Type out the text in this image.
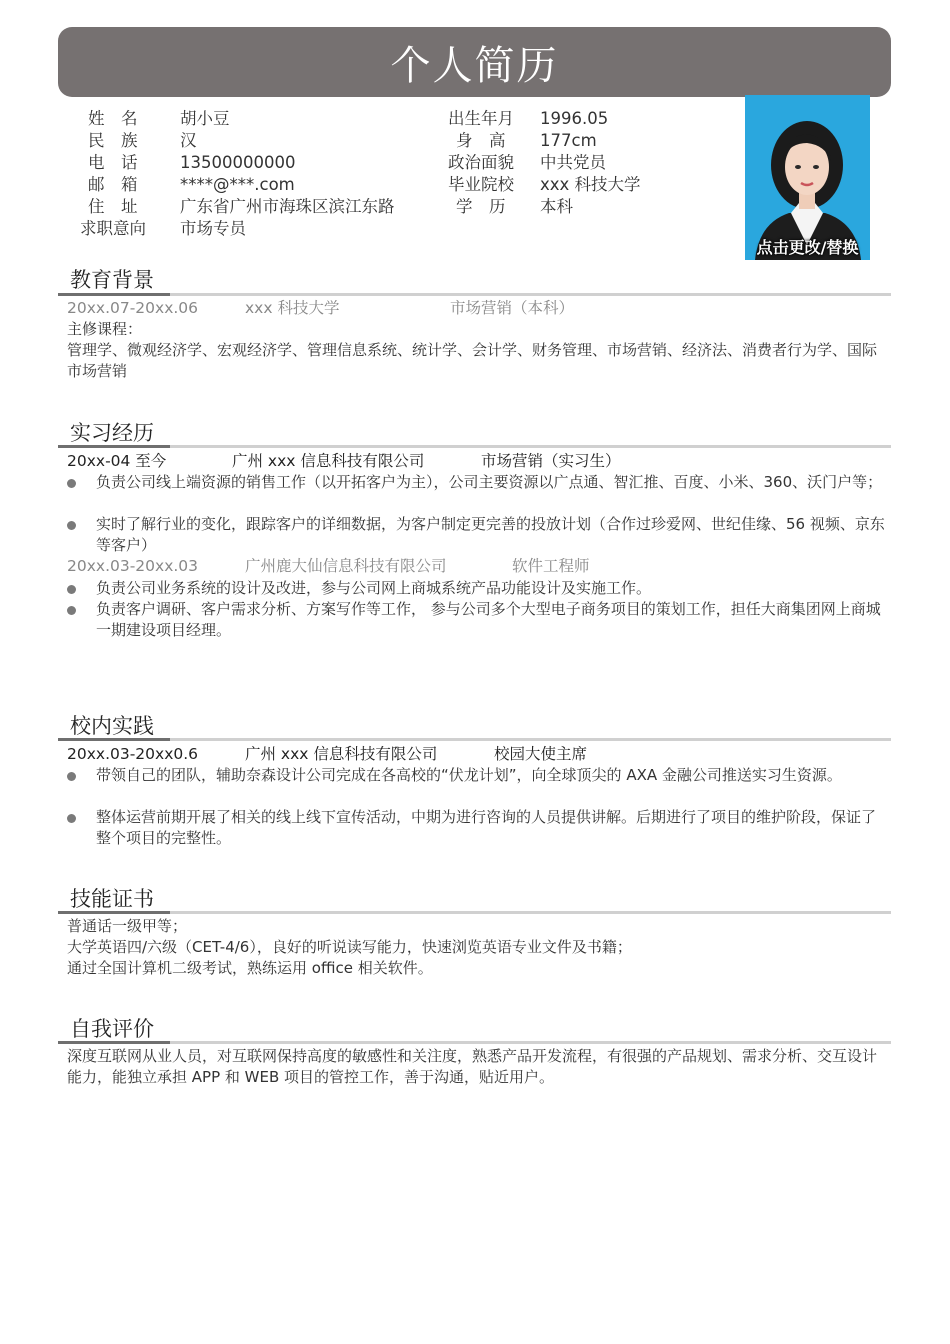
个人简历
姓　名	胡小豆
民　族	汉
电　话	13500000000
邮　箱	****@***.com
住　址	广东省广州市海珠区滨江东路
求职意向 市场专员
出生年月 1996.05
身　高 177cm
政治面貌 中共党员
毕业院校 xxx 科技大学
学　历 本科
点击更改/替换
教育背景
20xx.07-20xx.06	xxx 科技大学	市场营销（本科）
主修课程：
管理学、微观经济学、宏观经济学、管理信息系统、统计学、会计学、财务管理、市场营销、经济法、消费者行为学、国际市场营销
实习经历
20xx-04 至今	广州 xxx 信息科技有限公司	市场营销（实习生）
负责公司线上端资源的销售工作（以开拓客户为主），公司主要资源以广点通、智汇推、百度、小米、360、沃门户等；
实时了解行业的变化，跟踪客户的详细数据，为客户制定更完善的投放计划（合作过珍爱网、世纪佳缘、56 视频、京东等客户）
20xx.03-20xx.03	广州鹿大仙信息科技有限公司	软件工程师
负责公司业务系统的设计及改进，参与公司网上商城系统产品功能设计及实施工作。
负责客户调研、客户需求分析、方案写作等工作， 参与公司多个大型电子商务项目的策划工作，担任大商集团网上商城一期建设项目经理。
校内实践
20xx.03-20xx0.6	广州 xxx 信息科技有限公司	校园大使主席
带领自己的团队，辅助奈森设计公司完成在各高校的“伏龙计划”，向全球顶尖的 AXA 金融公司推送实习生资源。
整体运营前期开展了相关的线上线下宣传活动，中期为进行咨询的人员提供讲解。后期进行了项目的维护阶段，保证了整个项目的完整性。
技能证书
普通话一级甲等；
大学英语四/六级（CET-4/6），良好的听说读写能力，快速浏览英语专业文件及书籍；
通过全国计算机二级考试，熟练运用 office 相关软件。
自我评价
深度互联网从业人员，对互联网保持高度的敏感性和关注度，熟悉产品开发流程，有很强的产品规划、需求分析、交互设计能力，能独立承担 APP 和 WEB 项目的管控工作，善于沟通，贴近用户。
